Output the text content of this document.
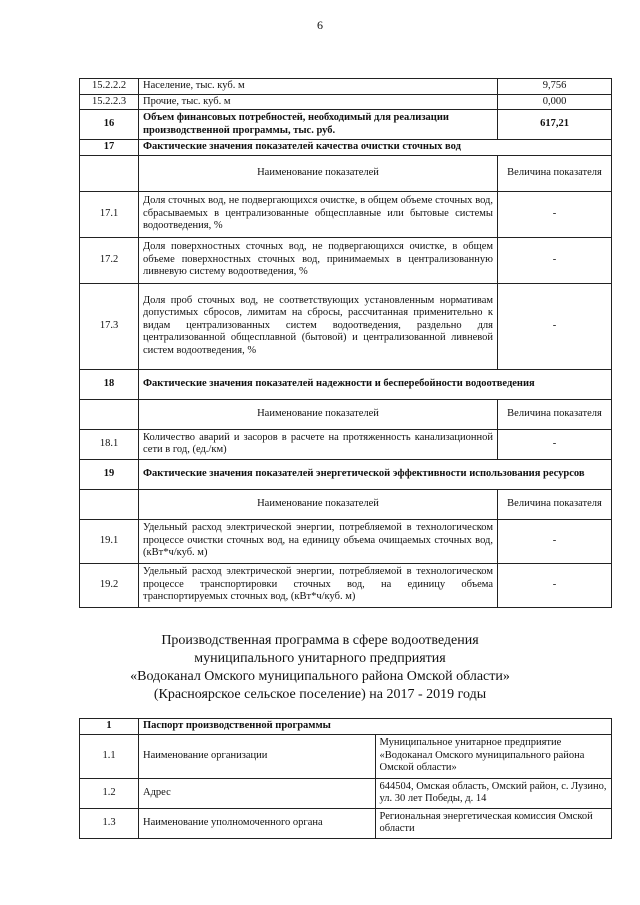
6
15.2.2.2	Население, тыс. куб. м	9,756
15.2.2.3	Прочие, тыс. куб. м	0,000
16	Объем финансовых потребностей, необходимый для реализации производственной программы, тыс. руб.	617,21
17	Фактические значения показателей качества очистки сточных вод	
	Наименование показателей	Величина показателя
17.1	Доля сточных вод, не подвергающихся очистке, в общем объеме сточных вод, сбрасываемых в централизованные общесплавные или бытовые системы водоотведения, %	-
17.2	Доля поверхностных сточных вод, не подвергающихся очистке, в общем объеме поверхностных сточных вод, принимаемых в централизованную ливневую систему водоотведения, %	-
17.3	Доля проб сточных вод, не соответствующих установленным нормативам допустимых сбросов, лимитам на сбросы, рассчитанная применительно к видам централизованных систем водоотведения, раздельно для централизованной общесплавной (бытовой) и централизованной ливневой систем водоотведения, %	-
18	Фактические значения показателей надежности и бесперебойности водоотведения	
	Наименование показателей	Величина показателя
18.1	Количество аварий и засоров в расчете на протяженность канализационной сети в год, (ед./км)	-
19	Фактические значения показателей энергетической эффективности использования ресурсов	
	Наименование показателей	Величина показателя
19.1	Удельный расход электрической энергии, потребляемой в технологическом процессе очистки сточных вод, на единицу объема очищаемых сточных вод, (кВт*ч/куб. м)	-
19.2	Удельный расход электрической энергии, потребляемой в технологическом процессе транспортировки сточных вод, на единицу объема транспортируемых сточных вод, (кВт*ч/куб. м)	-
Производственная программа в сфере водоотведения
муниципального унитарного предприятия
«Водоканал Омского муниципального района Омской области»
(Красноярское сельское поселение) на 2017 - 2019 годы
1	Паспорт производственной программы	
1.1	Наименование организации	Муниципальное унитарное предприятие «Водоканал Омского муниципального района Омской области»
1.2	Адрес	644504, Омская область, Омский район, с. Лузино, ул. 30 лет Победы, д. 14
1.3	Наименование уполномоченного органа	Региональная энергетическая комиссия Омской области
